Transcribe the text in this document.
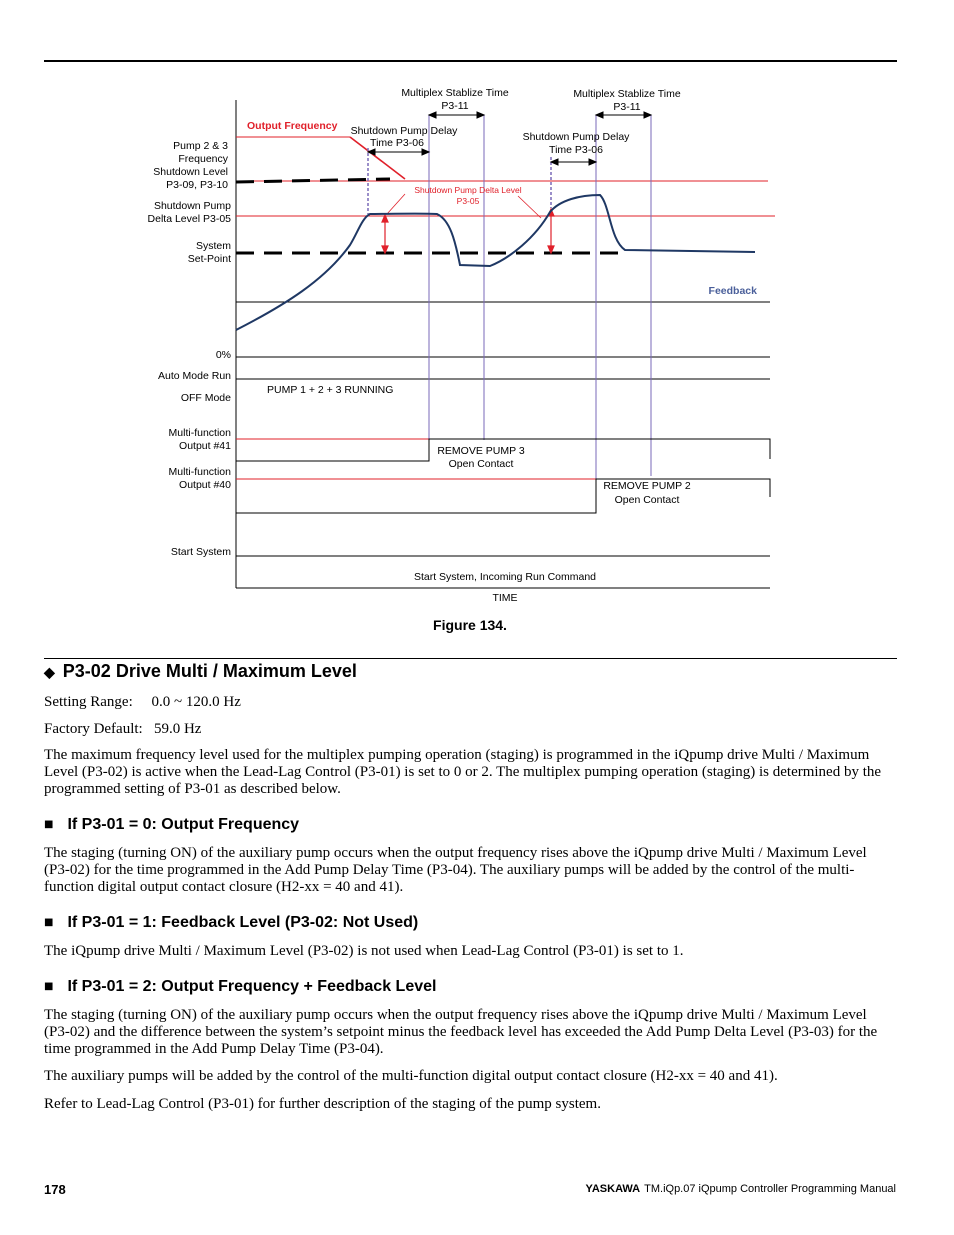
Pump 2 & 3
Frequency
Shutdown Level
P3-09, P3-10
Shutdown Pump
Delta Level P3-05
System
Set-Point
0%
Auto Mode Run
OFF Mode
Multi-function
Output #41
Multi-function
Output #40
Start System
Output Frequency
Feedback
Multiplex Stablize Time
P3-11
Multiplex Stablize Time
P3-11
Shutdown Pump Delay
Time P3-06	Shutdown Pump Delay
Time P3-06
REMOVE PUMP 3
Open Contact
REMOVE PUMP 2
Open Contact
Start System, Incoming Run Command
TIME
Shutdown Pump Delta Level
P3-05
PUMP 1 + 2 + 3 RUNNING
Figure 134.
◆ P3-02 Drive Multi / Maximum Level
Setting Range:     0.0 ~ 120.0 Hz
Factory Default:   59.0 Hz
The maximum frequency level used for the multiplex pumping operation (staging) is programmed in the iQpump drive Multi / Maximum Level (P3-02) is active when the Lead-Lag Control (P3-01) is set to 0 or 2. The multiplex pumping operation (staging) is determined by the programmed setting of P3-01 as described below.
■ If P3-01 = 0: Output Frequency
The staging (turning ON) of the auxiliary pump occurs when the output frequency rises above the iQpump drive Multi / Maximum Level (P3-02) for the time programmed in the Add Pump Delay Time (P3-04). The auxiliary pumps will be added by the control of the multi-function digital output contact closure (H2-xx = 40 and 41).
■ If P3-01 = 1: Feedback Level (P3-02: Not Used)
The iQpump drive Multi / Maximum Level (P3-02) is not used when Lead-Lag Control (P3-01) is set to 1.
■ If P3-01 = 2: Output Frequency + Feedback Level
The staging (turning ON) of the auxiliary pump occurs when the output frequency rises above the iQpump drive Multi / Maximum Level (P3-02) and the difference between the system’s setpoint minus the feedback level has exceeded the Add Pump Delta Level (P3-03) for the time programmed in the Add Pump Delay Time (P3-04).
The auxiliary pumps will be added by the control of the multi-function digital output contact closure (H2-xx = 40 and 41).
Refer to Lead-Lag Control (P3-01) for further description of the staging of the pump system.
178	YASKAWA TM.iQp.07 iQpump Controller Programming Manual
